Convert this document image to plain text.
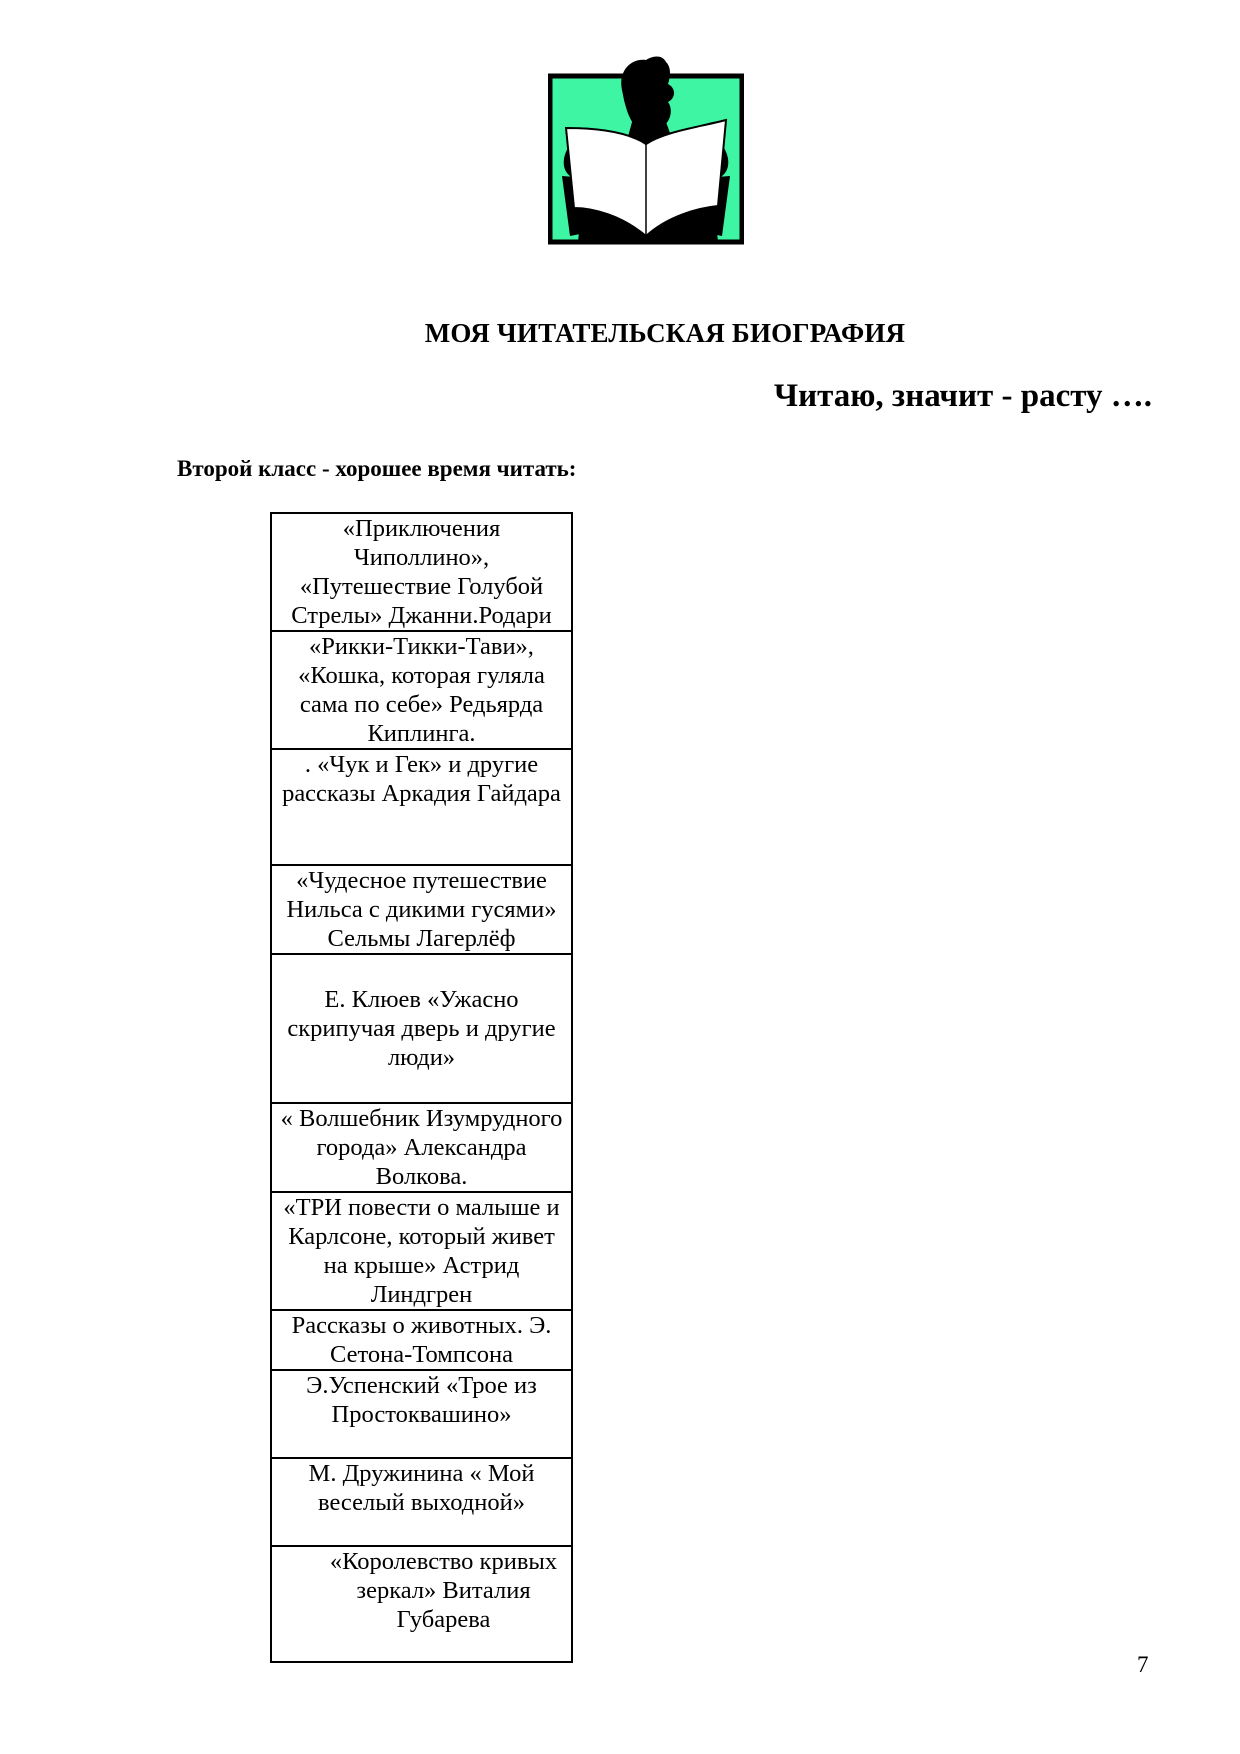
МОЯ ЧИТАТЕЛЬСКАЯ БИОГРАФИЯ
Читаю, значит - расту ….
Второй класс - хорошее время читать:
«Приключения Чиполлино», «Путешествие Голубой Стрелы» Джанни.Родари
«Рикки-Тикки-Тави», «Кошка, которая гуляла сама по себе» Редьярда Киплинга.
. «Чук и Гек» и другие рассказы Аркадия Гайдара
«Чудесное путешествие Нильса с дикими гусями» Сельмы Лагерлёф
Е. Клюев «Ужасно скрипучая дверь и другие люди»
« Волшебник Изумрудного города» Александра Волкова.
«ТРИ повести о малыше и Карлсоне, который живет на крыше» Астрид Линдгрен
Рассказы о животных. Э. Сетона-Томпсона
Э.Успенский «Трое из Простоквашино»
М. Дружинина « Мой веселый выходной»
«Королевство кривых зеркал» Виталия Губарева
7
